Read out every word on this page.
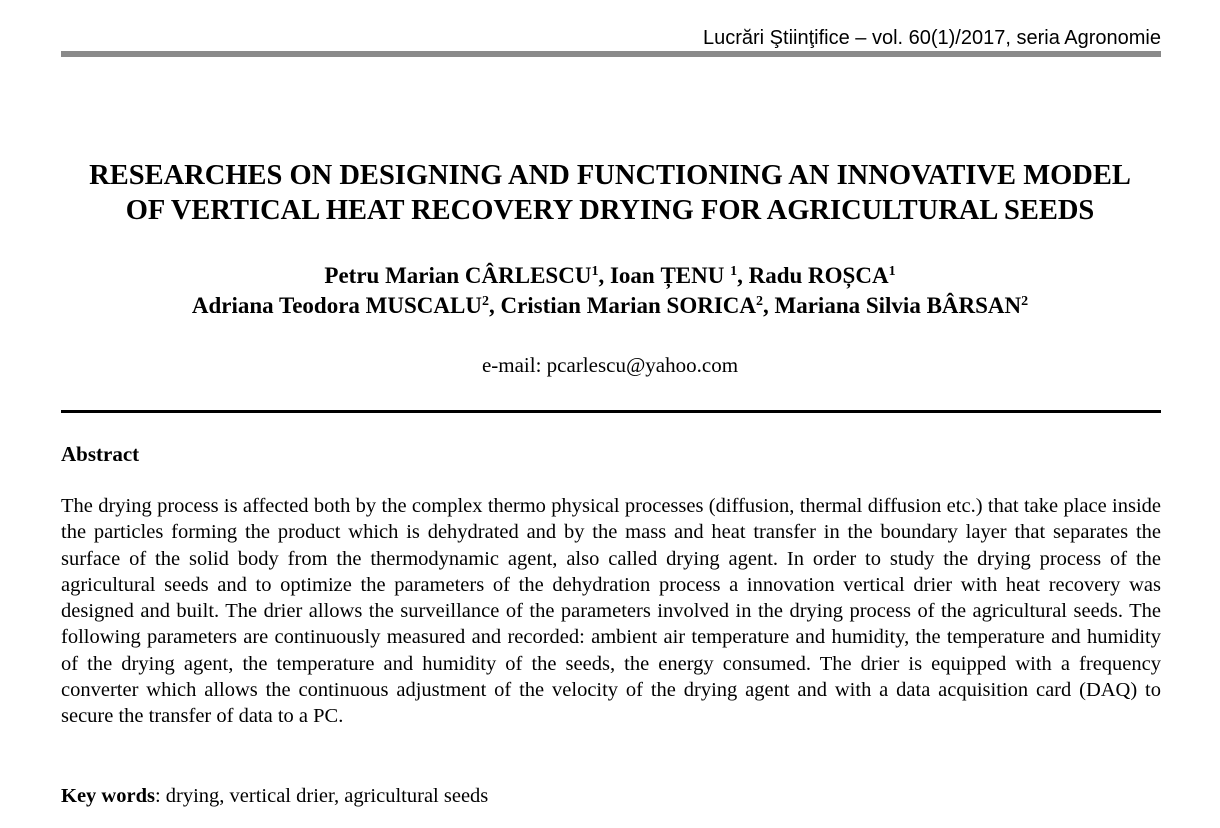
Lucrări Ştiinţifice – vol. 60(1)/2017, seria Agronomie
RESEARCHES ON DESIGNING AND FUNCTIONING AN INNOVATIVE MODEL
OF VERTICAL HEAT RECOVERY DRYING FOR AGRICULTURAL SEEDS
Petru Marian CÂRLESCU$^1$, Ioan ȚENU $^1$, Radu ROȘCA$^1$
Adriana Teodora MUSCALU$^2$, Cristian Marian SORICA$^2$, Mariana Silvia BÂRSAN$^2$
e-mail: pcarlescu@yahoo.com
Abstract

The drying process is affected both by the complex thermo physical processes (diffusion, thermal diffusion etc.) that take place inside the particles forming the product which is dehydrated and by the mass and heat transfer in the boundary layer that separates the surface of the solid body from the thermodynamic agent, also called drying agent. In order to study the drying process of the agricultural seeds and to optimize the parameters of the dehydration process a innovation vertical drier with heat recovery was designed and built. The drier allows the surveillance of the parameters involved in the drying process of the agricultural seeds. The following parameters are continuously measured and recorded: ambient air temperature and humidity, the temperature and humidity of the drying agent, the temperature and humidity of the seeds, the energy consumed. The drier is equipped with a frequency converter which allows the continuous adjustment of the velocity of the drying agent and with a data acquisition card (DAQ) to secure the transfer of data to a PC.

Key words: drying, vertical drier, agricultural seeds
